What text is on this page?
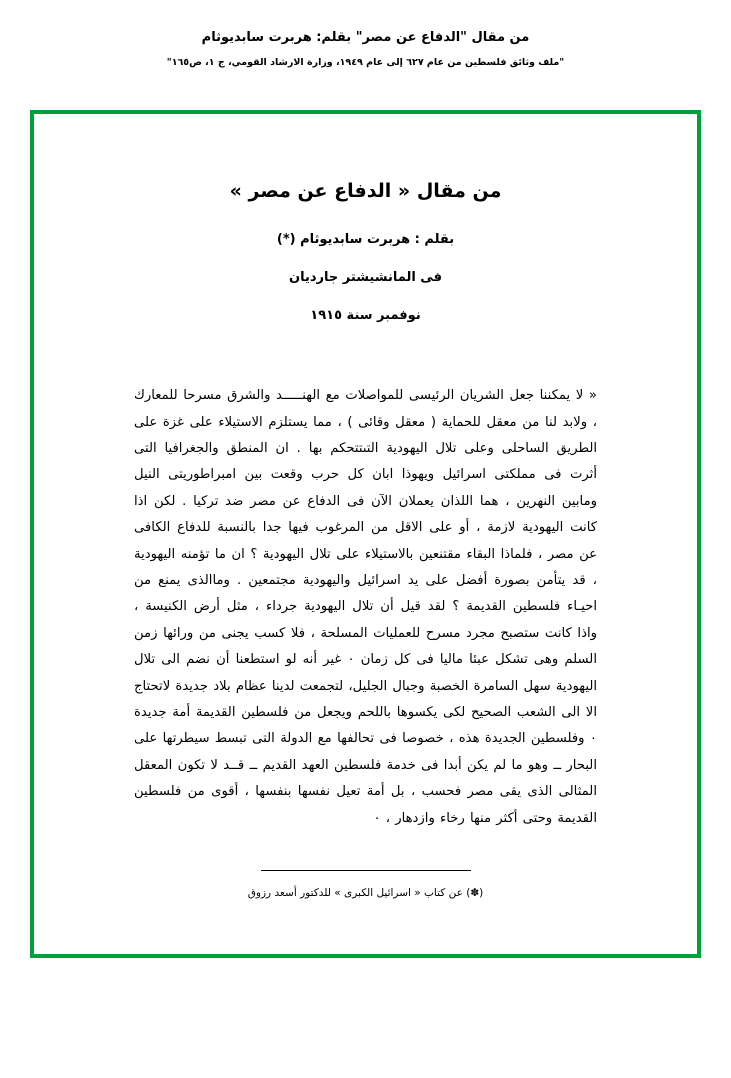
من مقال "الدفاع عن مصر" بقلم: هربرت سابديوثام
"ملف وثائق فلسطين من عام ٦٢٧ إلى عام ١٩٤٩، وزارة الارشاد القومي، ج ١، ص١٦٥"
من مقال « الدفاع عن مصر »
بقلم : هربرت سابديوثام (*)
فى المانشيشتر جارديان
نوفمبر سنة ١٩١٥
« لا يمكننا جعل الشريان الرئيسى للمواصلات مع الهنـــــد والشرق مسرحا للمعارك ، ولابد لنا من معقل للحماية ( معقل وقائى ) ، مما يستلزم الاستيلاء على غزة على الطريق الساحلى وعلى تلال اليهودية التىتتحكم بها . ان المنطق والجغرافيا التى أثرت فى مملكتى اسرائيل ويهوذا ابان كل حرب وقعت بين امبراطوريتى النيل ومابين النهرين ، هما اللذان يعملان الآن فى الدفاع عن مصر ضد تركيا . لكن اذا كانت اليهودية لازمة ، أو على الاقل من المرغوب فيها جدا بالنسبة للدفاع الكافى عن مصر ، فلماذا البقاء مقتنعين بالاستيلاء على تلال اليهودية ؟ ان ما تؤمنه اليهودية ، قد يتأمن بصورة أفضل على يد اسرائيل واليهودية مجتمعين . ومااﻟﺬى يمنع من احيـاء فلسطين القديمة ؟ لقد قيل أن تلال اليهودية جرداء ، مثل أرض الكنيسة ، واذا كانت ستصبح مجرد مسرح للعمليات المسلحة ، فلا كسب يجنى من ورائها زمن السلم وهى تشكل عبئا ماليا فى كل زمان ٠ غير أنه لو استطعنا أن نضم الى تلال اليهودية سهل السامرة الخصبة وجبال الجليل، لتجمعت لدينا عظام بلاد جديدة لاتحتاج الا الى الشعب الصحيح لكى يكسوها باللحم ويجعل من فلسطين القديمة أمة جديدة ٠ وفلسطين الجديدة هذه ، خصوصا فى تحالفها مع الدولة التى تبسط سيطرتها على البحار ــ وهو ما لم يكن أبدا فى خدمة فلسطين العهد القديم ــ قــد لا تكون المعقل المثالى الذى يقى مصر فحسب ، بل أمة تعيل نفسها بنفسها ، أقوى من فلسطين القديمة وحتى أكثر منها رخاء وازدهار ، ٠
(✽) عن كتاب « اسرائيل الكبرى » للدكتور أسعد رزوق
